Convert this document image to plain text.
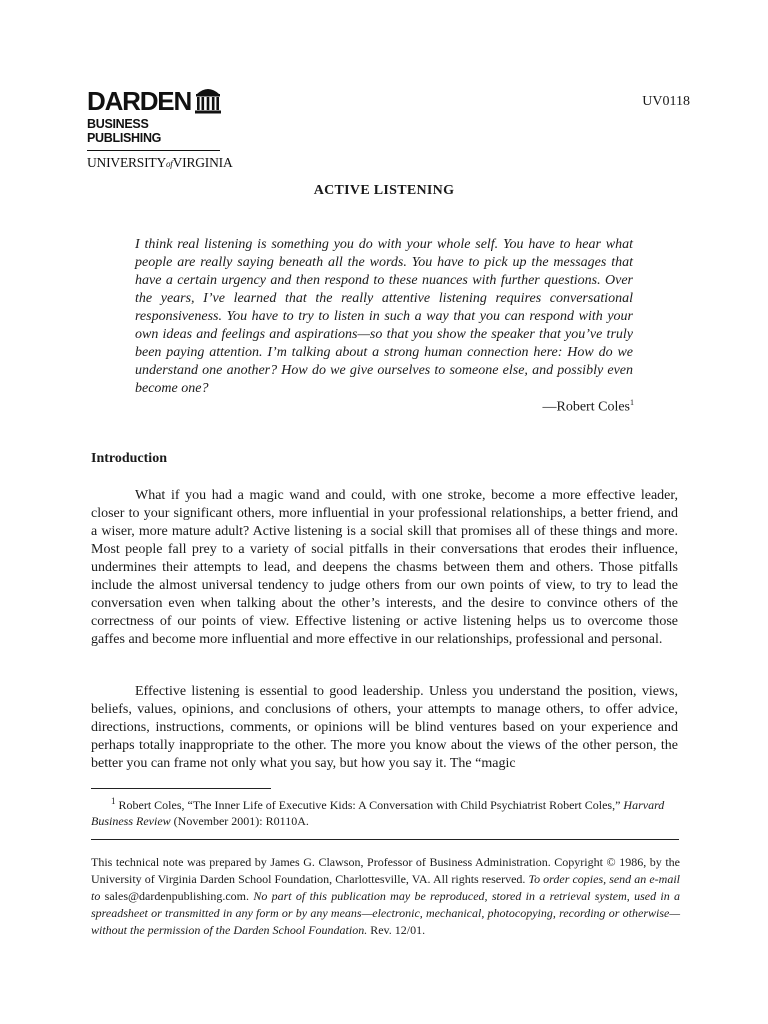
DARDEN
BUSINESS PUBLISHING
UNIVERSITYofVIRGINIA
UV0118
ACTIVE LISTENING
I think real listening is something you do with your whole self. You have to hear what people are really saying beneath all the words. You have to pick up the messages that have a certain urgency and then respond to these nuances with further questions. Over the years, I’ve learned that the really attentive listening requires conversational responsiveness. You have to try to listen in such a way that you can respond with your own ideas and feelings and aspirations—so that you show the speaker that you’ve truly been paying attention. I’m talking about a strong human connection here: How do we understand one another? How do we give ourselves to someone else, and possibly even become one?
—Robert Coles$^1$
Introduction
What if you had a magic wand and could, with one stroke, become a more effective leader, closer to your significant others, more influential in your professional relationships, a better friend, and a wiser, more mature adult? Active listening is a social skill that promises all of these things and more. Most people fall prey to a variety of social pitfalls in their conversations that erodes their influence, undermines their attempts to lead, and deepens the chasms between them and others. Those pitfalls include the almost universal tendency to judge others from our own points of view, to try to lead the conversation even when talking about the other’s interests, and the desire to convince others of the correctness of our points of view. Effective listening or active listening helps us to overcome those gaffes and become more influential and more effective in our relationships, professional and personal.
Effective listening is essential to good leadership. Unless you understand the position, views, beliefs, values, opinions, and conclusions of others, your attempts to manage others, to offer advice, directions, instructions, comments, or opinions will be blind ventures based on your experience and perhaps totally inappropriate to the other. The more you know about the views of the other person, the better you can frame not only what you say, but how you say it. The “magic
$^1$ Robert Coles, “The Inner Life of Executive Kids: A Conversation with Child Psychiatrist Robert Coles,” Harvard Business Review (November 2001): R0110A.
This technical note was prepared by James G. Clawson, Professor of Business Administration. Copyright © 1986, by the University of Virginia Darden School Foundation, Charlottesville, VA. All rights reserved. To order copies, send an e-mail to sales@dardenpublishing.com. No part of this publication may be reproduced, stored in a retrieval system, used in a spreadsheet or transmitted in any form or by any means—electronic, mechanical, photocopying, recording or otherwise—without the permission of the Darden School Foundation. Rev. 12/01.
